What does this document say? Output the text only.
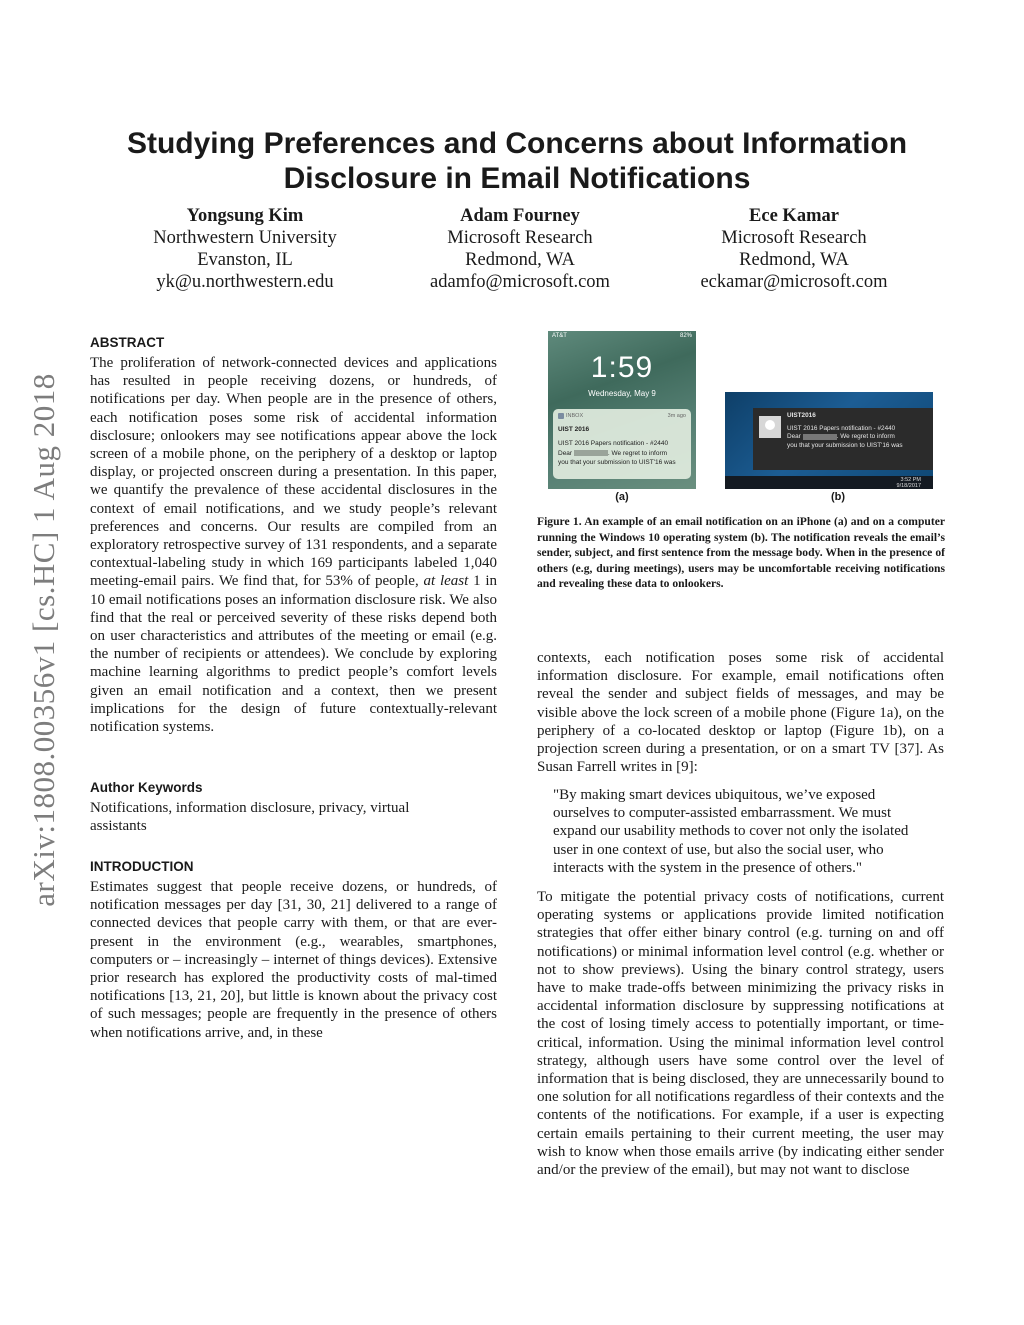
arXiv:1808.00356v1 [cs.HC] 1 Aug 2018
Studying Preferences and Concerns about Information Disclosure in Email Notifications
Yongsung Kim
Northwestern University
Evanston, IL
yk@u.northwestern.edu
Adam Fourney
Microsoft Research
Redmond, WA
adamfo@microsoft.com
Ece Kamar
Microsoft Research
Redmond, WA
eckamar@microsoft.com
ABSTRACT

The proliferation of network-connected devices and applications has resulted in people receiving dozens, or hundreds, of notifications per day. When people are in the presence of others, each notification poses some risk of accidental information disclosure; onlookers may see notifications appear above the lock screen of a mobile phone, on the periphery of a desktop or laptop display, or projected onscreen during a presentation. In this paper, we quantify the prevalence of these accidental disclosures in the context of email notifications, and we study people’s relevant preferences and concerns. Our results are compiled from an exploratory retrospective survey of 131 respondents, and a separate contextual-labeling study in which 169 participants labeled 1,040 meeting-email pairs. We find that, for 53% of people, at least 1 in 10 email notifications poses an information disclosure risk. We also find that the real or perceived severity of these risks depend both on user characteristics and attributes of the meeting or email (e.g. the number of recipients or attendees). We conclude by exploring machine learning algorithms to predict people’s comfort levels given an email notification and a context, then we present implications for the design of future contextually-relevant notification systems.

Author Keywords

Notifications, information disclosure, privacy, virtual assistants

INTRODUCTION

Estimates suggest that people receive dozens, or hundreds, of notification messages per day [31, 30, 21] delivered to a range of connected devices that people carry with them, or that are ever-present in the environment (e.g., wearables, smartphones, computers or – increasingly – internet of things devices). Extensive prior research has explored the productivity costs of mal-timed notifications [13, 21, 20], but little is known about the privacy cost of such messages; people are frequently in the presence of others when notifications arrive, and, in these

AT&T	82%
1:59
Wednesday, May 9
INBOX	3m ago
UIST 2016
UIST 2016 Papers notification - #2440
Dear	. We regret to inform
you that your submission to UIST'16 was
UIST2016
UIST 2016 Papers notification - #2440
Dear	. We regret to inform
you that your submission to UIST'16 was
3:52 PM
9/18/2017
(a)	(b)

Figure 1. An example of an email notification on an iPhone (a) and on a computer running the Windows 10 operating system (b). The notification reveals the email’s sender, subject, and first sentence from the message body. When in the presence of others (e.g, during meetings), users may be uncomfortable receiving notifications and revealing these data to onlookers.

contexts, each notification poses some risk of accidental information disclosure. For example, email notifications often reveal the sender and subject fields of messages, and may be visible above the lock screen of a mobile phone (Figure 1a), on the periphery of a co-located desktop or laptop (Figure 1b), on a projection screen during a presentation, or on a smart TV [37]. As Susan Farrell writes in [9]:

"By making smart devices ubiquitous, we’ve exposed ourselves to computer-assisted embarrassment. We must expand our usability methods to cover not only the isolated user in one context of use, but also the social user, who interacts with the system in the presence of others."

To mitigate the potential privacy costs of notifications, current operating systems or applications provide limited notification strategies that offer either binary control (e.g. turning on and off notifications) or minimal information level control (e.g. whether or not to show previews). Using the binary control strategy, users have to make trade-offs between minimizing the privacy risks in accidental information disclosure by suppressing notifications at the cost of losing timely access to potentially important, or time-critical, information. Using the minimal information level control strategy, although users have some control over the level of information that is being disclosed, they are unnecessarily bound to one solution for all notifications regardless of their contexts and the contents of the notifications. For example, if a user is expecting certain emails pertaining to their current meeting, the user may wish to know when those emails arrive (by indicating either sender and/or the preview of the email), but may not want to disclose
